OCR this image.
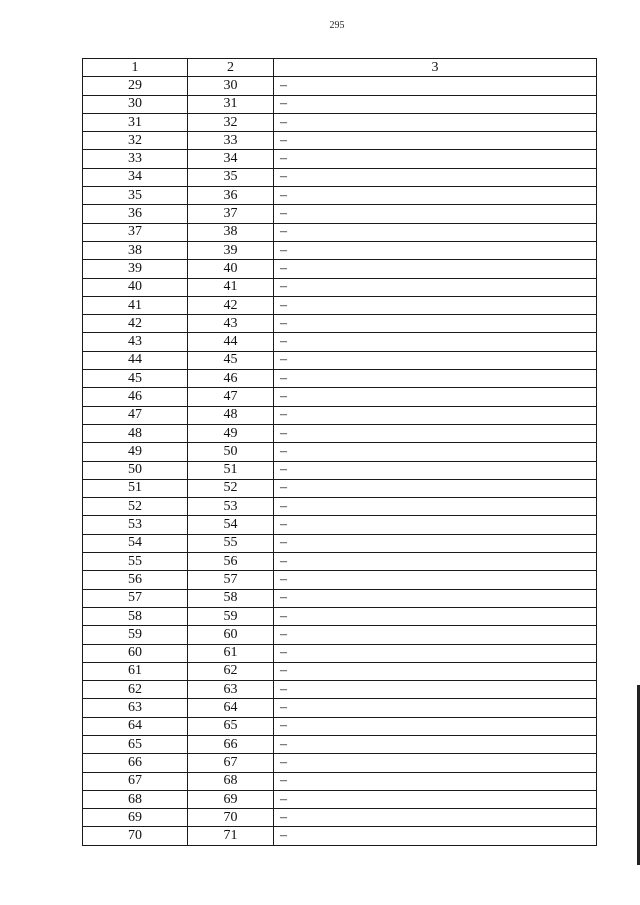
295
1	2	3
29	30	–
30	31	–
31	32	–
32	33	–
33	34	–
34	35	–
35	36	–
36	37	–
37	38	–
38	39	–
39	40	–
40	41	–
41	42	–
42	43	–
43	44	–
44	45	–
45	46	–
46	47	–
47	48	–
48	49	–
49	50	–
50	51	–
51	52	–
52	53	–
53	54	–
54	55	–
55	56	–
56	57	–
57	58	–
58	59	–
59	60	–
60	61	–
61	62	–
62	63	–
63	64	–
64	65	–
65	66	–
66	67	–
67	68	–
68	69	–
69	70	–
70	71	–
